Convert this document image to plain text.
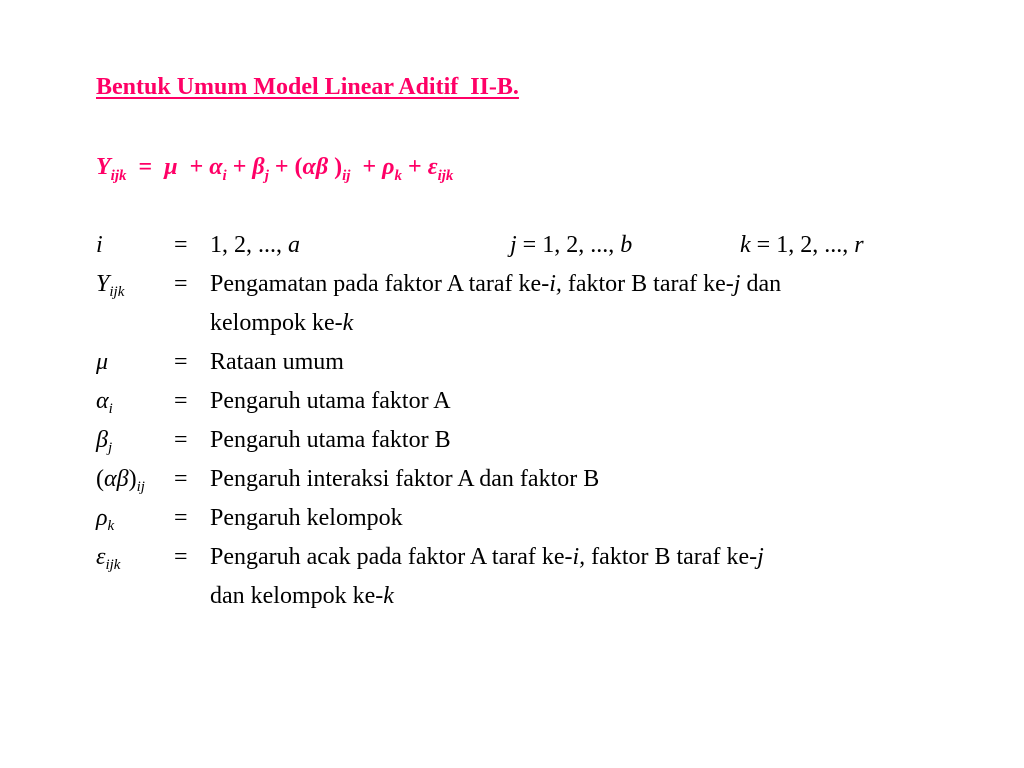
Bentuk Umum Model Linear Aditif  II-B.
$Y_{ijk} = \mu + \alpha_i + \beta_j + (\alpha\beta$ )$_{ij} + \rho_k + \varepsilon_{ijk}$
i	= 1, 2, ..., a	j = 1, 2, ..., b	k = 1, 2, ..., r
$Y_{ijk}$ = Pengamatan pada faktor A taraf ke-i, faktor B taraf ke-j dan
kelompok ke-k
μ	= Rataan umum
$\alpha_i$	= Pengaruh utama faktor A
$\beta_j$	= Pengaruh utama faktor B
$(\alpha\beta)_{ij}$ = Pengaruh interaksi faktor A dan faktor B
$\rho_k$ = Pengaruh kelompok
$\varepsilon_{ijk}$ = Pengaruh acak pada faktor A taraf ke-i, faktor B taraf ke-j
dan kelompok ke-k
